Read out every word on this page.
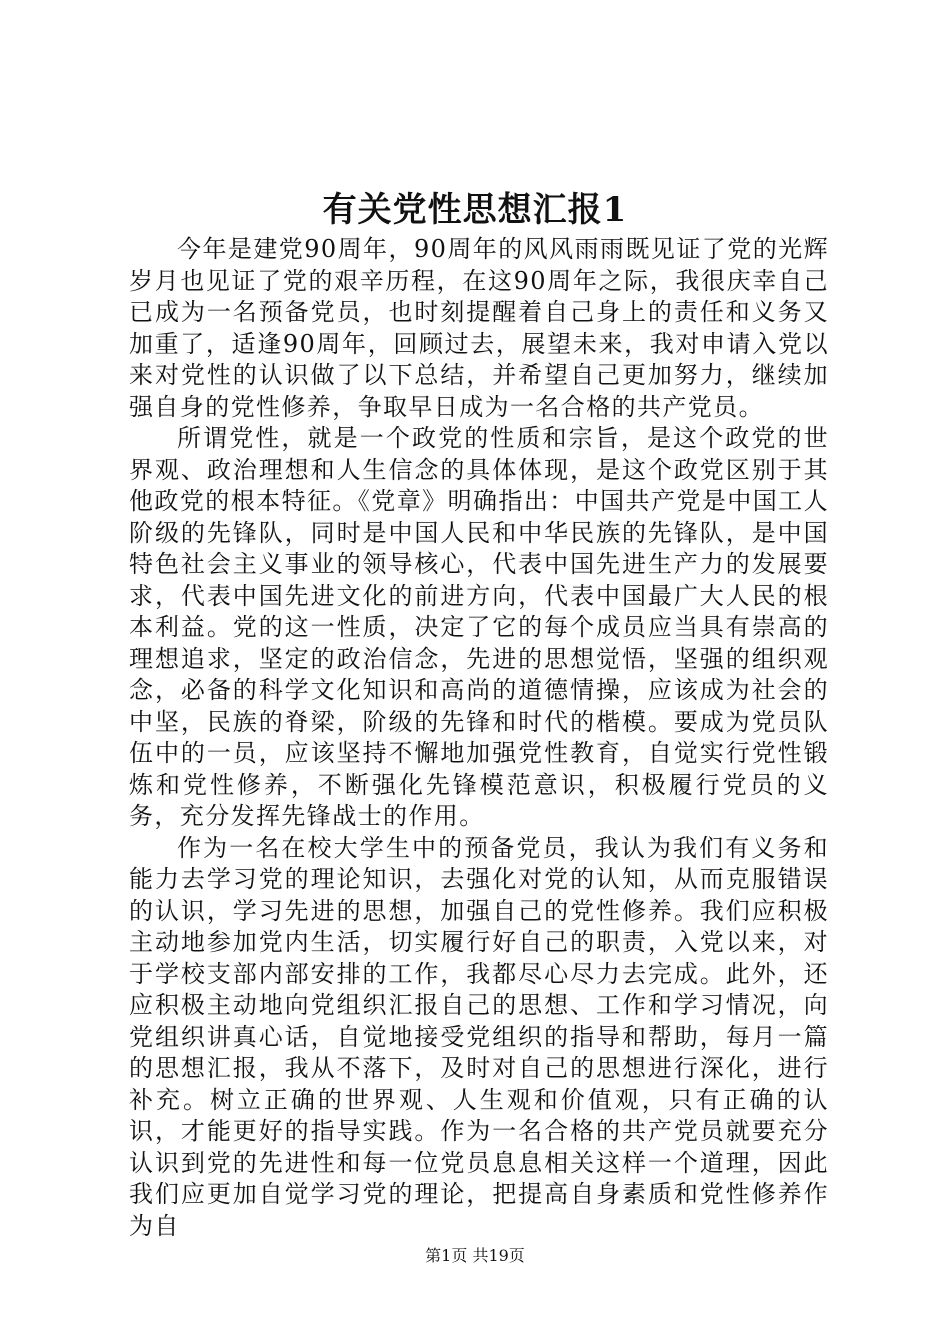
有关党性思想汇报1

今年是建党90周年，90周年的风风雨雨既见证了党的光辉岁月也见证了党的艰辛历程，在这90周年之际，我很庆幸自己已成为一名预备党员，也时刻提醒着自己身上的责任和义务又加重了，适逢90周年，回顾过去，展望未来，我对申请入党以来对党性的认识做了以下总结，并希望自己更加努力，继续加强自身的党性修养，争取早日成为一名合格的共产党员。

所谓党性，就是一个政党的性质和宗旨，是这个政党的世界观、政治理想和人生信念的具体体现，是这个政党区别于其他政党的根本特征。《党章》明确指出：中国共产党是中国工人阶级的先锋队，同时是中国人民和中华民族的先锋队，是中国特色社会主义事业的领导核心，代表中国先进生产力的发展要求，代表中国先进文化的前进方向，代表中国最广大人民的根本利益。党的这一性质，决定了它的每个成员应当具有崇高的理想追求，坚定的政治信念，先进的思想觉悟，坚强的组织观念，必备的科学文化知识和高尚的道德情操，应该成为社会的中坚，民族的脊梁，阶级的先锋和时代的楷模。要成为党员队伍中的一员，应该坚持不懈地加强党性教育，自觉实行党性锻炼和党性修养，不断强化先锋模范意识，积极履行党员的义务，充分发挥先锋战士的作用。

作为一名在校大学生中的预备党员，我认为我们有义务和能力去学习党的理论知识，去强化对党的认知，从而克服错误的认识，学习先进的思想，加强自己的党性修养。我们应积极主动地参加党内生活，切实履行好自己的职责，入党以来，对于学校支部内部安排的工作，我都尽心尽力去完成。此外，还应积极主动地向党组织汇报自己的思想、工作和学习情况，向党组织讲真心话，自觉地接受党组织的指导和帮助，每月一篇的思想汇报，我从不落下，及时对自己的思想进行深化，进行补充。树立正确的世界观、人生观和价值观，只有正确的认识，才能更好的指导实践。作为一名合格的共产党员就要充分认识到党的先进性和每一位党员息息相关这样一个道理，因此我们应更加自觉学习党的理论，把提高自身素质和党性修养作为自

第1页 共19页
